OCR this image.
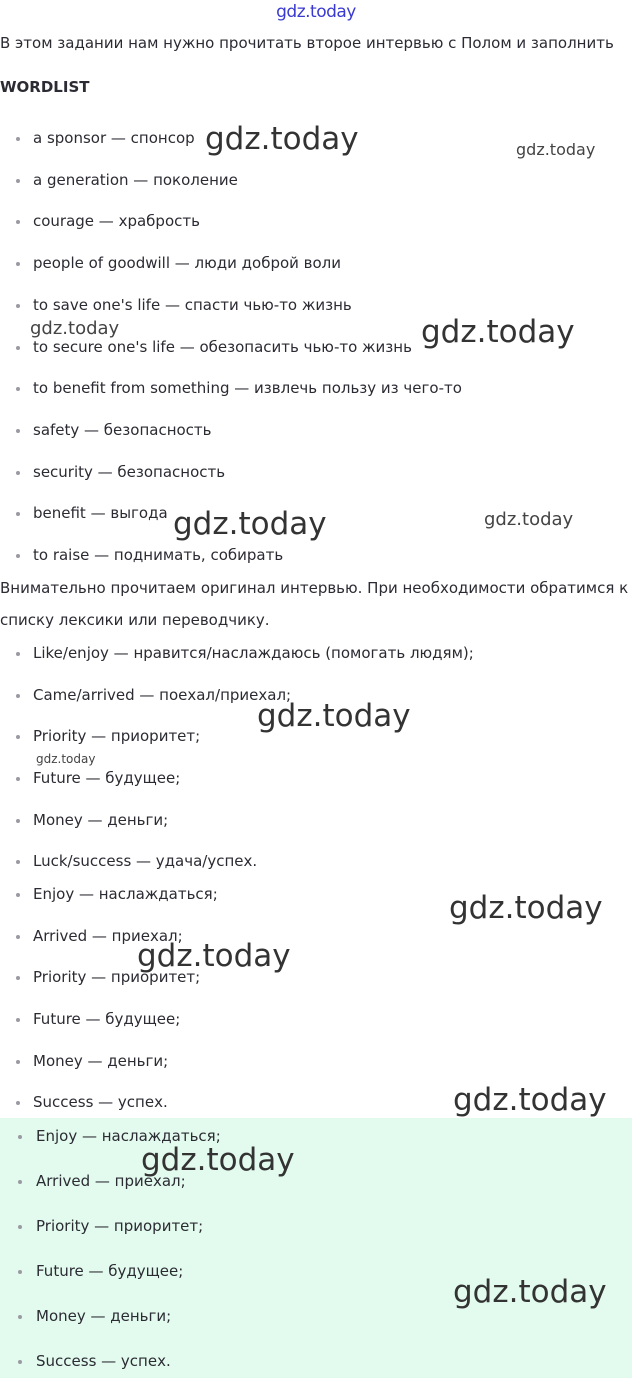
gdz.today
В этом задании нам нужно прочитать второе интервью с Полом и заполнить
WORDLIST
a sponsor — спонсор
a generation — поколение
courage — храбрость
people of goodwill — люди доброй воли
to save one's life — спасти чью-то жизнь
to secure one's life — обезопасить чью-то жизнь
to benefit from something — извлечь пользу из чего-то
safety — безопасность
security — безопасность
benefit — выгода
to raise — поднимать, собирать
Внимательно прочитаем оригинал интервью. При необходимости обратимся к
списку лексики или переводчику.
Like/enjoy — нравится/наслаждаюсь (помогать людям);
Came/arrived — поехал/приехал;
Priority — приоритет;
Future — будущее;
Money — деньги;
Luck/success — удача/успех.
Enjoy — наслаждаться;
Arrived — приехал;
Priority — приоритет;
Future — будущее;
Money — деньги;
Success — успех.
Enjoy — наслаждаться;
Arrived — приехал;
Priority — приоритет;
Future — будущее;
Money — деньги;
Success — успех.
gdz.today	gdz.today
gdz.today	gdz.today
gdz.today	gdz.today
gdz.today
gdz.today
gdz.today
gdz.today
gdz.today
gdz.today
gdz.today
